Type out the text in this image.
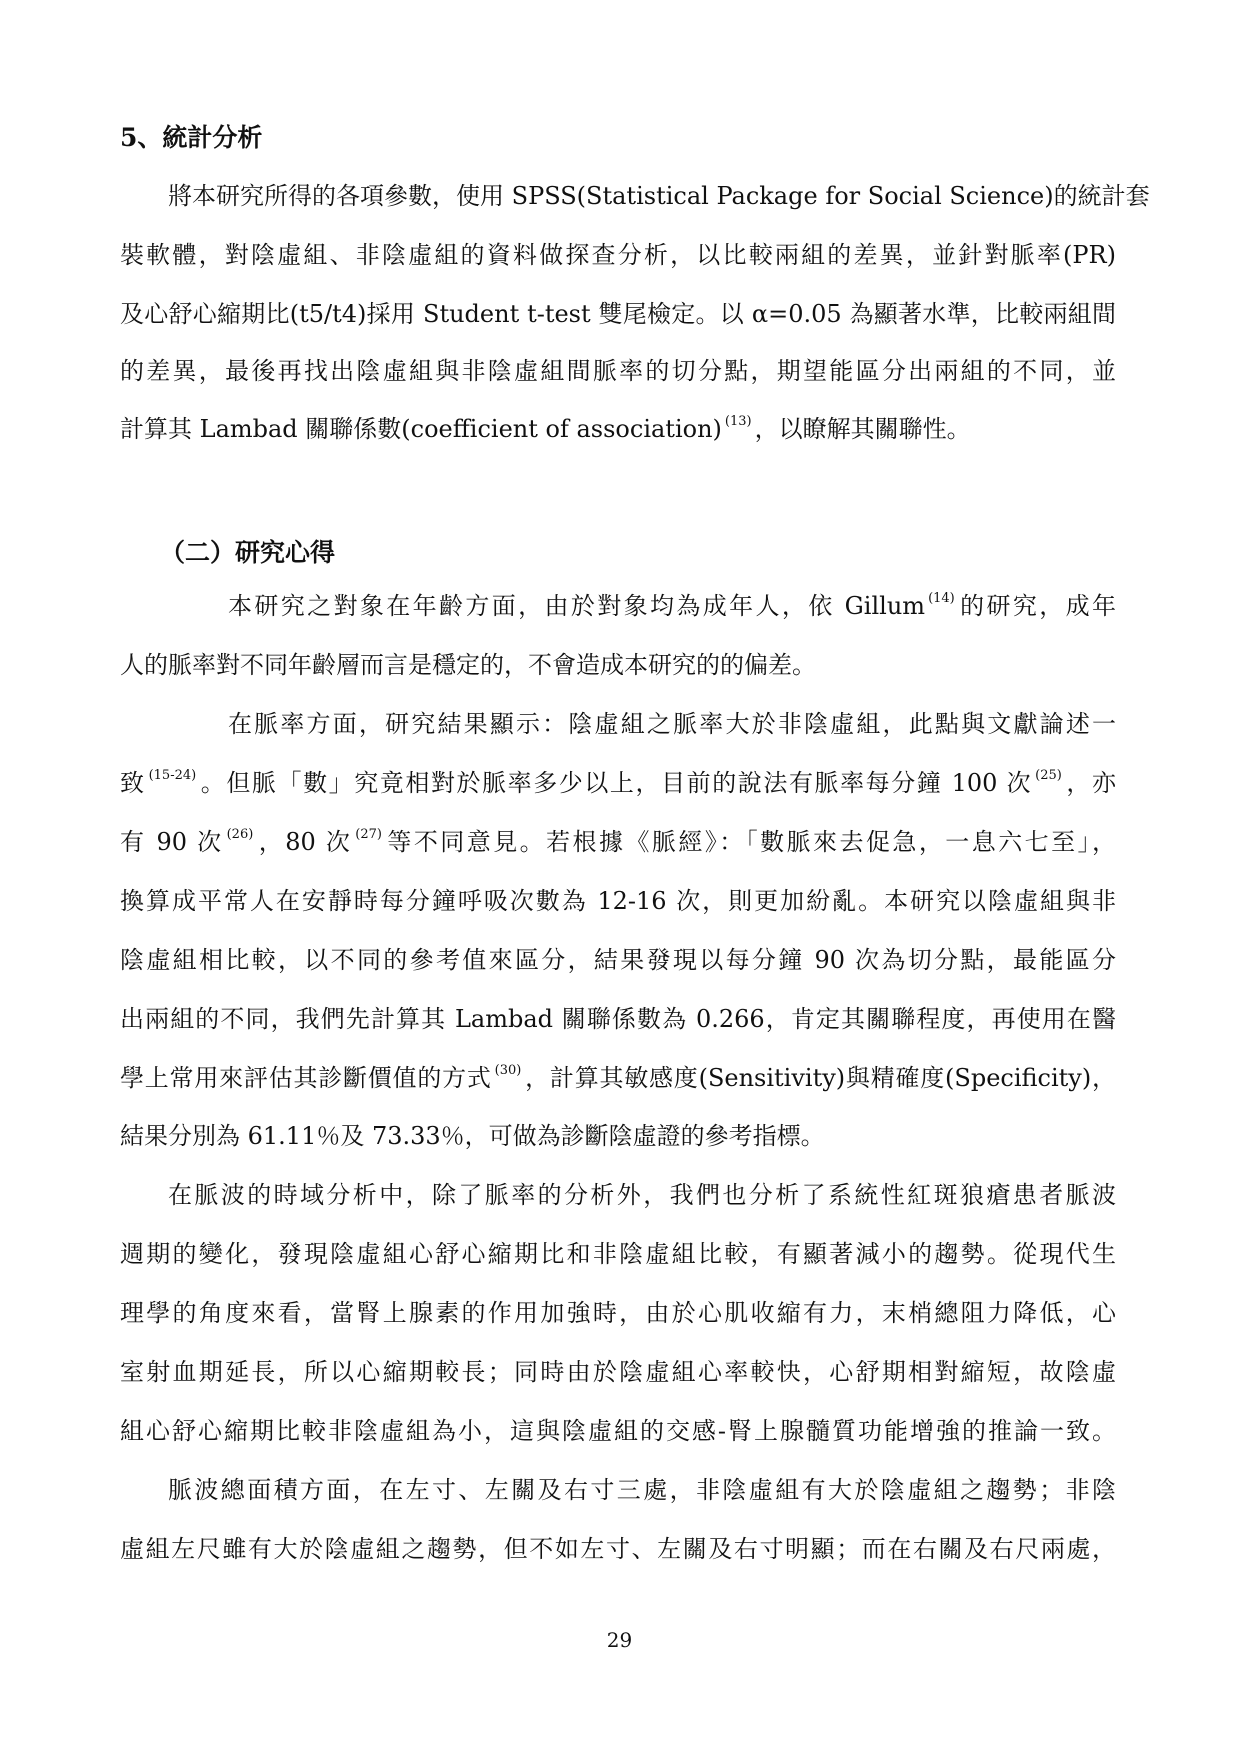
5、統計分析
將本研究所得的各項參數，使用 SPSS(Statistical Package for Social Science)的統計套
裝軟體，對陰虛組、非陰虛組的資料做探查分析，以比較兩組的差異，並針對脈率(PR)
及心舒心縮期比(t5/t4)採用 Student t-test 雙尾檢定。以 α=0.05 為顯著水準，比較兩組間
的差異，最後再找出陰虛組與非陰虛組間脈率的切分點，期望能區分出兩組的不同，並
計算其 Lambad 關聯係數(coefficient of association) $^{(13)}$ ，以瞭解其關聯性。
（二）研究心得
本研究之對象在年齡方面，由於對象均為成年人，依 Gillum $^{(14)}$ 的研究，成年
人的脈率對不同年齡層而言是穩定的，不會造成本研究的的偏差。
在脈率方面，研究結果顯示：陰虛組之脈率大於非陰虛組，此點與文獻論述一
致 $^{(15-24)}$ 。但脈「數」究竟相對於脈率多少以上，目前的說法有脈率每分鐘 100 次 $^{(25)}$ ，亦
有 90 次 $^{(26)}$ ，80 次 $^{(27)}$ 等不同意見。若根據《脈經》：「數脈來去促急，一息六七至」，
換算成平常人在安靜時每分鐘呼吸次數為 12-16 次，則更加紛亂。本研究以陰虛組與非
陰虛組相比較，以不同的參考值來區分，結果發現以每分鐘 90 次為切分點，最能區分
出兩組的不同，我們先計算其 Lambad 關聯係數為 0.266，肯定其關聯程度，再使用在醫
學上常用來評估其診斷價值的方式 $^{(30)}$ ，計算其敏感度(Sensitivity)與精確度(Specificity)，
結果分別為 61.11％及 73.33％，可做為診斷陰虛證的參考指標。
在脈波的時域分析中，除了脈率的分析外，我們也分析了系統性紅斑狼瘡患者脈波
週期的變化，發現陰虛組心舒心縮期比和非陰虛組比較，有顯著減小的趨勢。從現代生
理學的角度來看，當腎上腺素的作用加強時，由於心肌收縮有力，末梢總阻力降低，心
室射血期延長，所以心縮期較長；同時由於陰虛組心率較快，心舒期相對縮短，故陰虛
組心舒心縮期比較非陰虛組為小，這與陰虛組的交感-腎上腺髓質功能增強的推論一致。
脈波總面積方面，在左寸、左關及右寸三處，非陰虛組有大於陰虛組之趨勢；非陰
虛組左尺雖有大於陰虛組之趨勢，但不如左寸、左關及右寸明顯；而在右關及右尺兩處，
29
